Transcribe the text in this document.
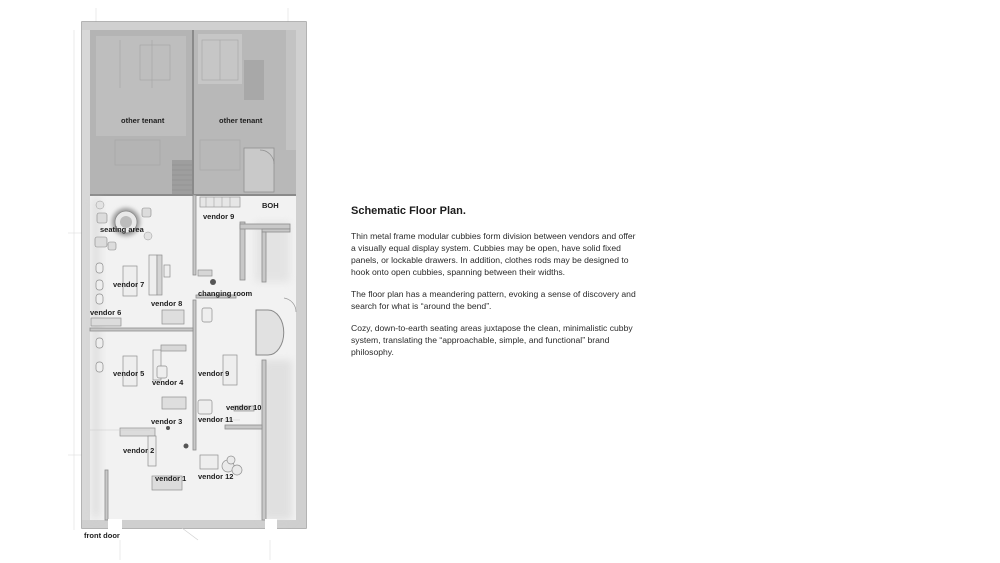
other tenant	other tenant
vendor 9
BOH
seating area
vendor 7
vendor 8
changing room
vendor 6
vendor 5
vendor 4
vendor 9
vendor 10
vendor 3 vendor 11
vendor 2
vendor 12
vendor 1
front door
Schematic Floor Plan.

Thin metal frame modular cubbies form division between vendors and offer a visually equal display system. Cubbies may be open, have solid fixed panels, or lockable drawers. In addition, clothes rods may be designed to hook onto open cubbies, spanning between their widths.

The floor plan has a meandering pattern, evoking a sense of discovery and search for what is “around the bend”.

Cozy, down-to-earth seating areas juxtapose the clean, minimalistic cubby system, translating the “approachable, simple, and functional” brand philosophy.
